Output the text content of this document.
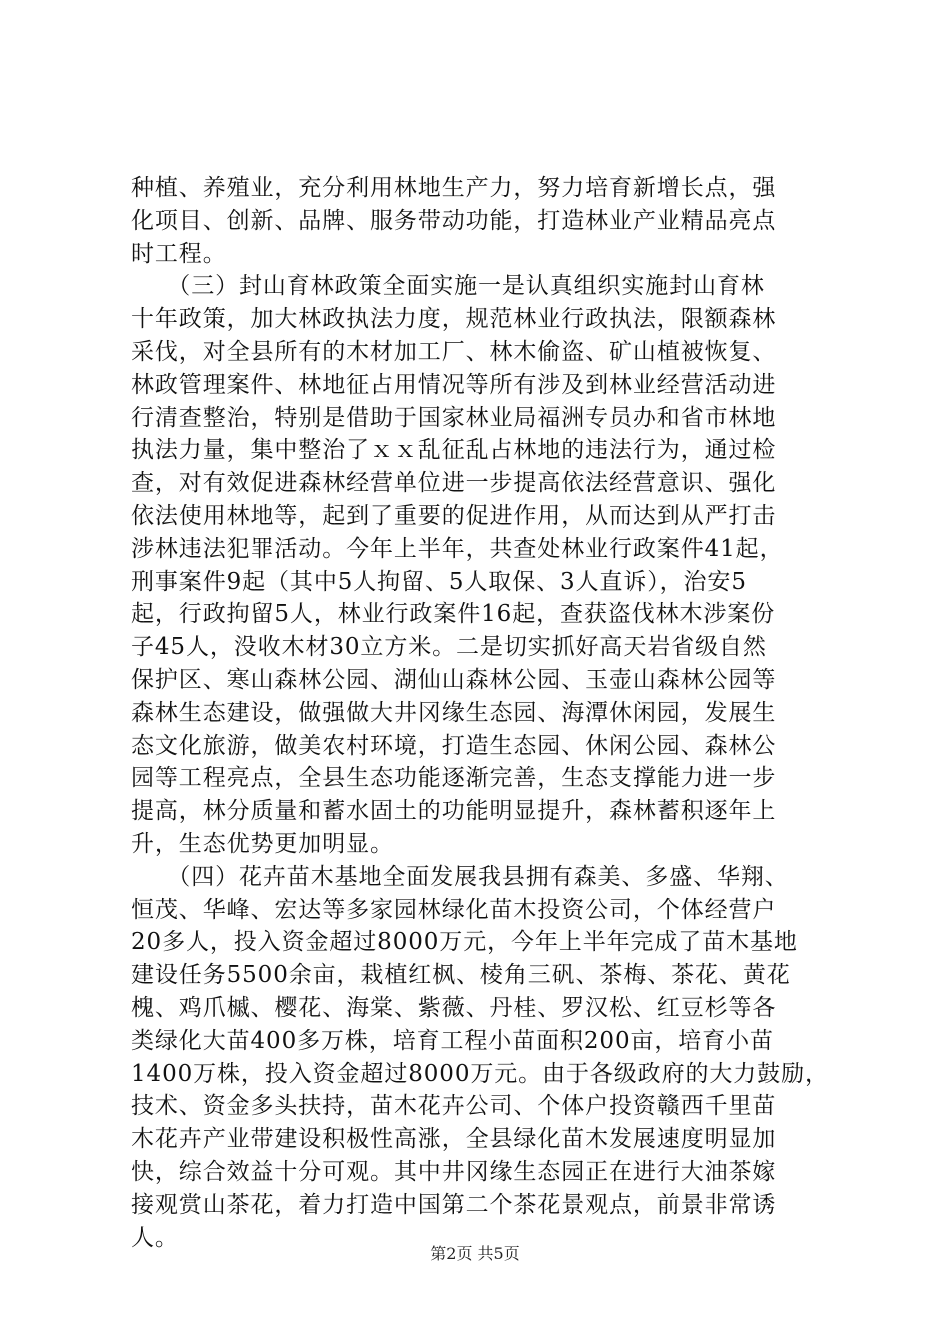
种植、养殖业，充分利用林地生产力，努力培育新增长点，强
化项目、创新、品牌、服务带动功能，打造林业产业精品亮点
时工程。
　　（三）封山育林政策全面实施一是认真组织实施封山育林
十年政策，加大林政执法力度，规范林业行政执法，限额森林
采伐，对全县所有的木材加工厂、林木偷盗、矿山植被恢复、
林政管理案件、林地征占用情况等所有涉及到林业经营活动进
行清查整治，特别是借助于国家林业局福洲专员办和省市林地
执法力量，集中整治了ｘｘ乱征乱占林地的违法行为，通过检
查，对有效促进森林经营单位进一步提高依法经营意识、强化
依法使用林地等，起到了重要的促进作用，从而达到从严打击
涉林违法犯罪活动。今年上半年，共查处林业行政案件41起，
刑事案件9起（其中5人拘留、5人取保、3人直诉），治安5
起，行政拘留5人，林业行政案件16起，查获盗伐林木涉案份
子45人，没收木材30立方米。二是切实抓好高天岩省级自然
保护区、寒山森林公园、湖仙山森林公园、玉壶山森林公园等
森林生态建设，做强做大井冈缘生态园、海潭休闲园，发展生
态文化旅游，做美农村环境，打造生态园、休闲公园、森林公
园等工程亮点，全县生态功能逐渐完善，生态支撑能力进一步
提高，林分质量和蓄水固土的功能明显提升，森林蓄积逐年上
升，生态优势更加明显。
　　（四）花卉苗木基地全面发展我县拥有森美、多盛、华翔、
恒茂、华峰、宏达等多家园林绿化苗木投资公司，个体经营户
20多人，投入资金超过8000万元，今年上半年完成了苗木基地
建设任务5500余亩，栽植红枫、棱角三矾、茶梅、茶花、黄花
槐、鸡爪槭、樱花、海棠、紫薇、丹桂、罗汉松、红豆杉等各
类绿化大苗400多万株，培育工程小苗面积200亩，培育小苗
1400万株，投入资金超过8000万元。由于各级政府的大力鼓励，
技术、资金多头扶持，苗木花卉公司、个体户投资赣西千里苗
木花卉产业带建设积极性高涨，全县绿化苗木发展速度明显加
快，综合效益十分可观。其中井冈缘生态园正在进行大油茶嫁
接观赏山茶花，着力打造中国第二个茶花景观点，前景非常诱
人。
第2页 共5页
